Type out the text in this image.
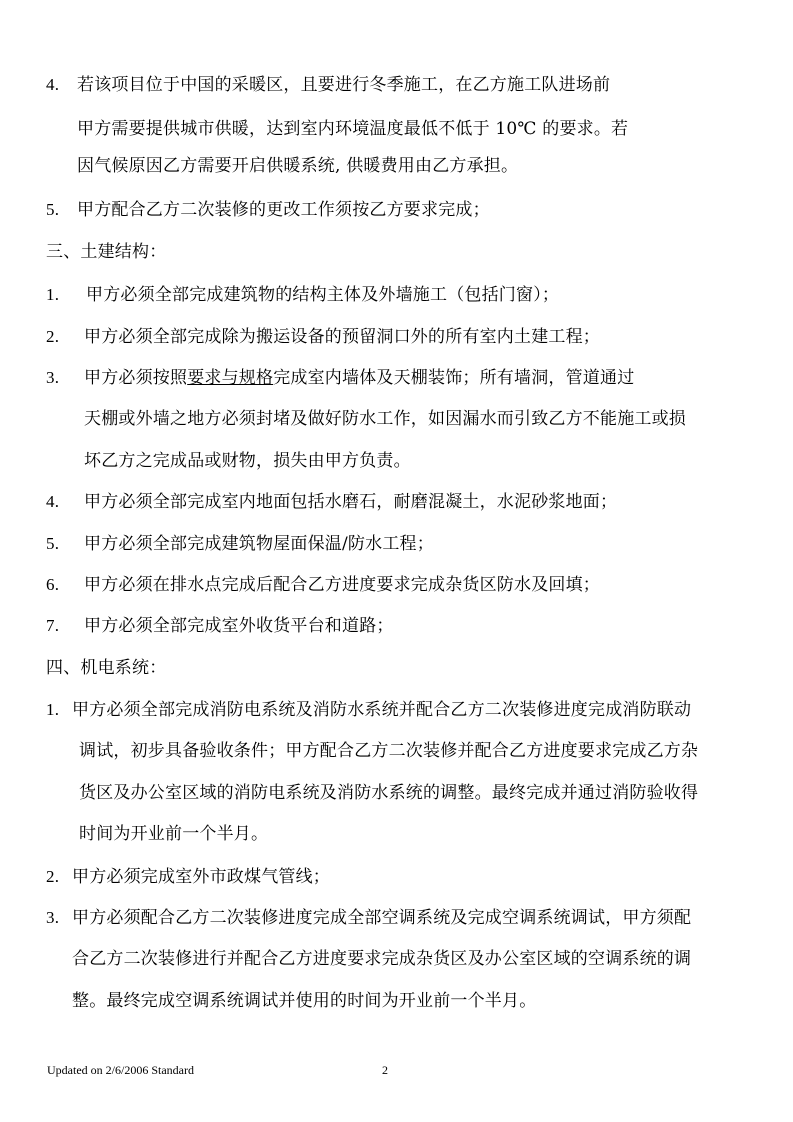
4. 若该项目位于中国的采暖区，且要进行冬季施工，在乙方施工队进场前
甲方需要提供城市供暖，达到室内环境温度最低不低于 10℃ 的要求。若
因气候原因乙方需要开启供暖系统, 供暖费用由乙方承担。
5. 甲方配合乙方二次装修的更改工作须按乙方要求完成；
三、土建结构：
1. 甲方必须全部完成建筑物的结构主体及外墙施工（包括门窗）；
2. 甲方必须全部完成除为搬运设备的预留洞口外的所有室内土建工程；
3. 甲方必须按照要求与规格完成室内墙体及天棚装饰；所有墙洞，管道通过
天棚或外墙之地方必须封堵及做好防水工作，如因漏水而引致乙方不能施工或损
坏乙方之完成品或财物，损失由甲方负责。
4. 甲方必须全部完成室内地面包括水磨石，耐磨混凝土，水泥砂浆地面；
5. 甲方必须全部完成建筑物屋面保温/防水工程；
6. 甲方必须在排水点完成后配合乙方进度要求完成杂货区防水及回填；
7. 甲方必须全部完成室外收货平台和道路；
四、机电系统：
1. 甲方必须全部完成消防电系统及消防水系统并配合乙方二次装修进度完成消防联动
调试，初步具备验收条件；甲方配合乙方二次装修并配合乙方进度要求完成乙方杂
货区及办公室区域的消防电系统及消防水系统的调整。最终完成并通过消防验收得
时间为开业前一个半月。
2. 甲方必须完成室外市政煤气管线；
3. 甲方必须配合乙方二次装修进度完成全部空调系统及完成空调系统调试，甲方须配
合乙方二次装修进行并配合乙方进度要求完成杂货区及办公室区域的空调系统的调
整。最终完成空调系统调试并使用的时间为开业前一个半月。
Updated on 2/6/2006 Standard	2
